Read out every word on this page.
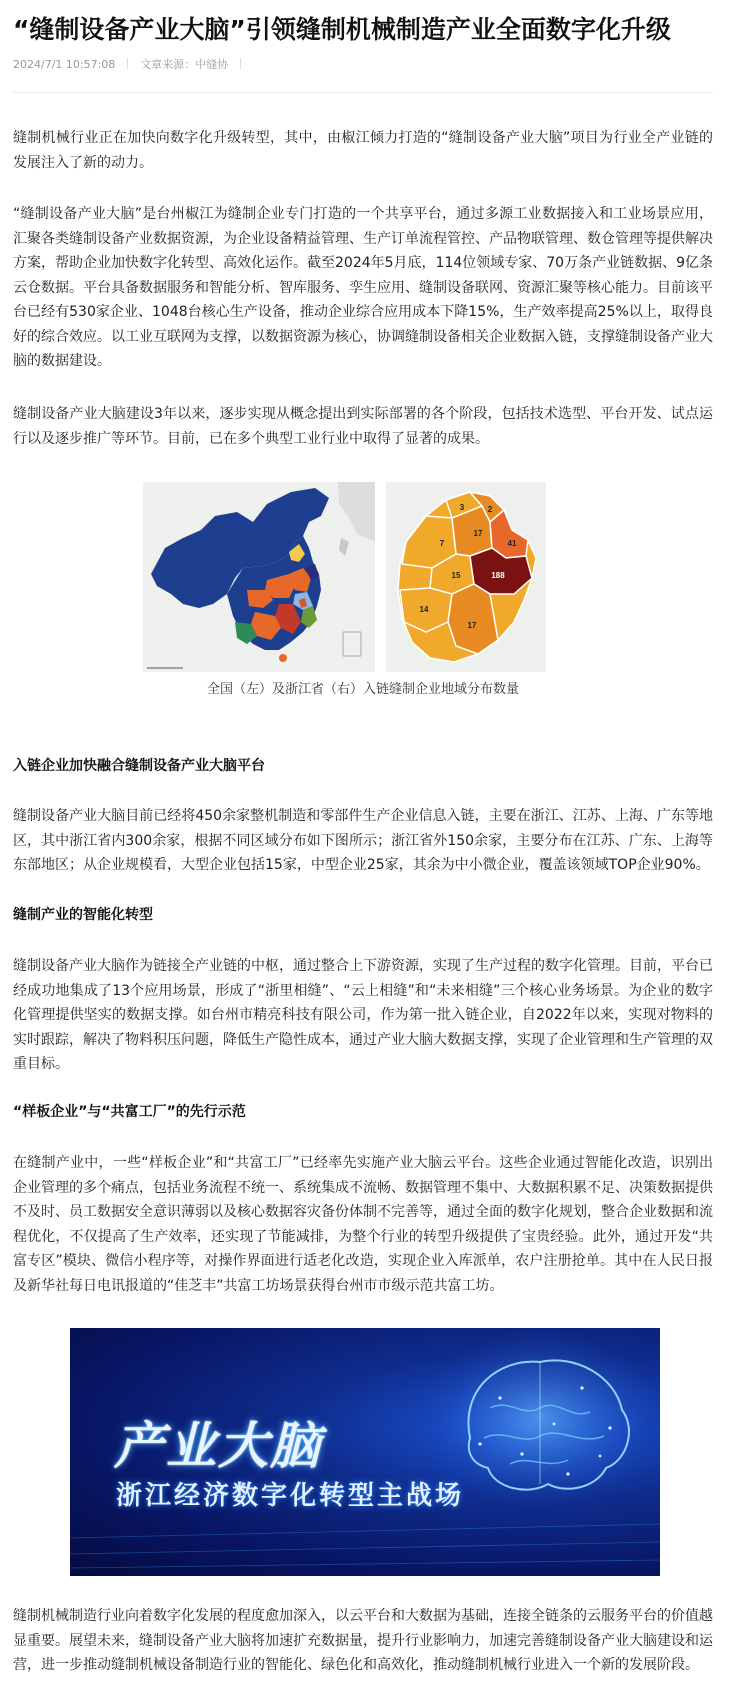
“缝制设备产业大脑”引领缝制机械制造产业全面数字化升级
2024/7/1 10:57:08 文章来源：中缝协

缝制机械行业正在加快向数字化升级转型，其中，由椒江倾力打造的“缝制设备产业大脑”项目为行业全产业链的发展注入了新的动力。

“缝制设备产业大脑”是台州椒江为缝制企业专门打造的一个共享平台，通过多源工业数据接入和工业场景应用，汇聚各类缝制设备产业数据资源，为企业设备精益管理、生产订单流程管控、产品物联管理、数仓管理等提供解决方案，帮助企业加快数字化转型、高效化运作。截至2024年5月底，114位领域专家、70万条产业链数据、9亿条云仓数据。平台具备数据服务和智能分析、智库服务、孪生应用、缝制设备联网、资源汇聚等核心能力。目前该平台已经有530家企业、1048台核心生产设备，推动企业综合应用成本下降15%，生产效率提高25%以上，取得良好的综合效应。以工业互联网为支撑，以数据资源为核心，协调缝制设备相关企业数据入链，支撑缝制设备产业大脑的数据建设。

缝制设备产业大脑建设3年以来，逐步实现从概念提出到实际部署的各个阶段，包括技术选型、平台开发、试点运行以及逐步推广等环节。目前，已在多个典型工业行业中取得了显著的成果。

3	2
7
17
41
15	188
14
17
全国（左）及浙江省（右）入链缝制企业地域分布数量
入链企业加快融合缝制设备产业大脑平台

缝制设备产业大脑目前已经将450余家整机制造和零部件生产企业信息入链，主要在浙江、江苏、上海、广东等地区，其中浙江省内300余家，根据不同区域分布如下图所示；浙江省外150余家，主要分布在江苏、广东、上海等东部地区；从企业规模看，大型企业包括15家，中型企业25家，其余为中小微企业，覆盖该领域TOP企业90%。

缝制产业的智能化转型

缝制设备产业大脑作为链接全产业链的中枢，通过整合上下游资源，实现了生产过程的数字化管理。目前，平台已经成功地集成了13个应用场景，形成了“浙里相缝”、“云上相缝”和“未来相缝”三个核心业务场景。为企业的数字化管理提供坚实的数据支撑。如台州市精亮科技有限公司，作为第一批入链企业，自2022年以来，实现对物料的实时跟踪，解决了物料积压问题，降低生产隐性成本，通过产业大脑大数据支撑，实现了企业管理和生产管理的双重目标。

“样板企业”与“共富工厂”的先行示范

在缝制产业中，一些“样板企业”和“共富工厂”已经率先实施产业大脑云平台。这些企业通过智能化改造，识别出企业管理的多个痛点，包括业务流程不统一、系统集成不流畅、数据管理不集中、大数据积累不足、决策数据提供不及时、员工数据安全意识薄弱以及核心数据容灾备份体制不完善等，通过全面的数字化规划，整合企业数据和流程优化，不仅提高了生产效率，还实现了节能减排，为整个行业的转型升级提供了宝贵经验。此外，通过开发“共富专区”模块、微信小程序等，对操作界面进行适老化改造，实现企业入库派单，农户注册抢单。其中在人民日报及新华社每日电讯报道的“佳芝丰”共富工坊场景获得台州市市级示范共富工坊。

产业大脑
浙江经济数字化转型主战场

缝制机械制造行业向着数字化发展的程度愈加深入，以云平台和大数据为基础，连接全链条的云服务平台的价值越显重要。展望未来，缝制设备产业大脑将加速扩充数据量，提升行业影响力，加速完善缝制设备产业大脑建设和运营，进一步推动缝制机械设备制造行业的智能化、绿色化和高效化，推动缝制机械行业进入一个新的发展阶段。
